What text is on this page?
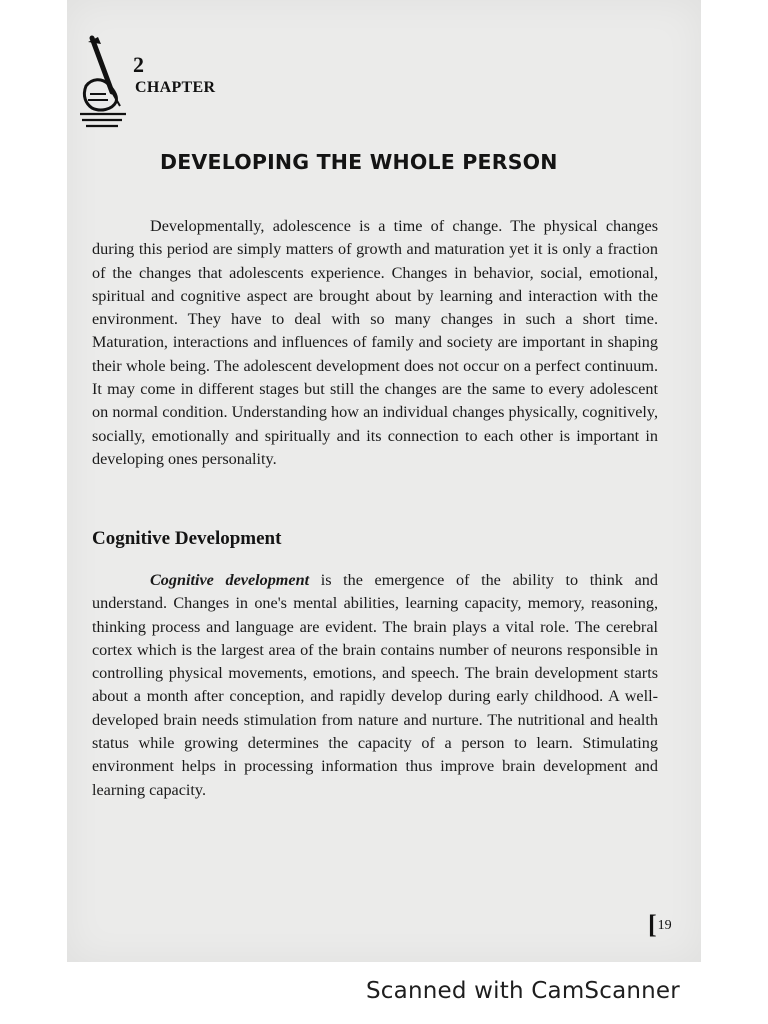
2
CHAPTER
DEVELOPING THE WHOLE PERSON

Developmentally, adolescence is a time of change. The physical changes during this period are simply matters of growth and maturation yet it is only a fraction of the changes that adolescents experience. Changes in behavior, social, emotional, spiritual and cognitive aspect are brought about by learning and interaction with the environment. They have to deal with so many changes in such a short time. Maturation, interactions and influences of family and society are important in shaping their whole being. The adolescent development does not occur on a perfect continuum. It may come in different stages but still the changes are the same to every adolescent on normal condition. Understanding how an individual changes physically, cognitively, socially, emotionally and spiritually and its connection to each other is important in developing ones personality.

Cognitive Development

Cognitive development is the emergence of the ability to think and understand. Changes in one's mental abilities, learning capacity, memory, reasoning, thinking process and language are evident. The brain plays a vital role. The cerebral cortex which is the largest area of the brain contains number of neurons responsible in controlling physical movements, emotions, and speech. The brain development starts about a month after conception, and rapidly develop during early childhood. A well-developed brain needs stimulation from nature and nurture. The nutritional and health status while growing determines the capacity of a person to learn. Stimulating environment helps in processing information thus improve brain development and learning capacity.

[19
Scanned with CamScanner
